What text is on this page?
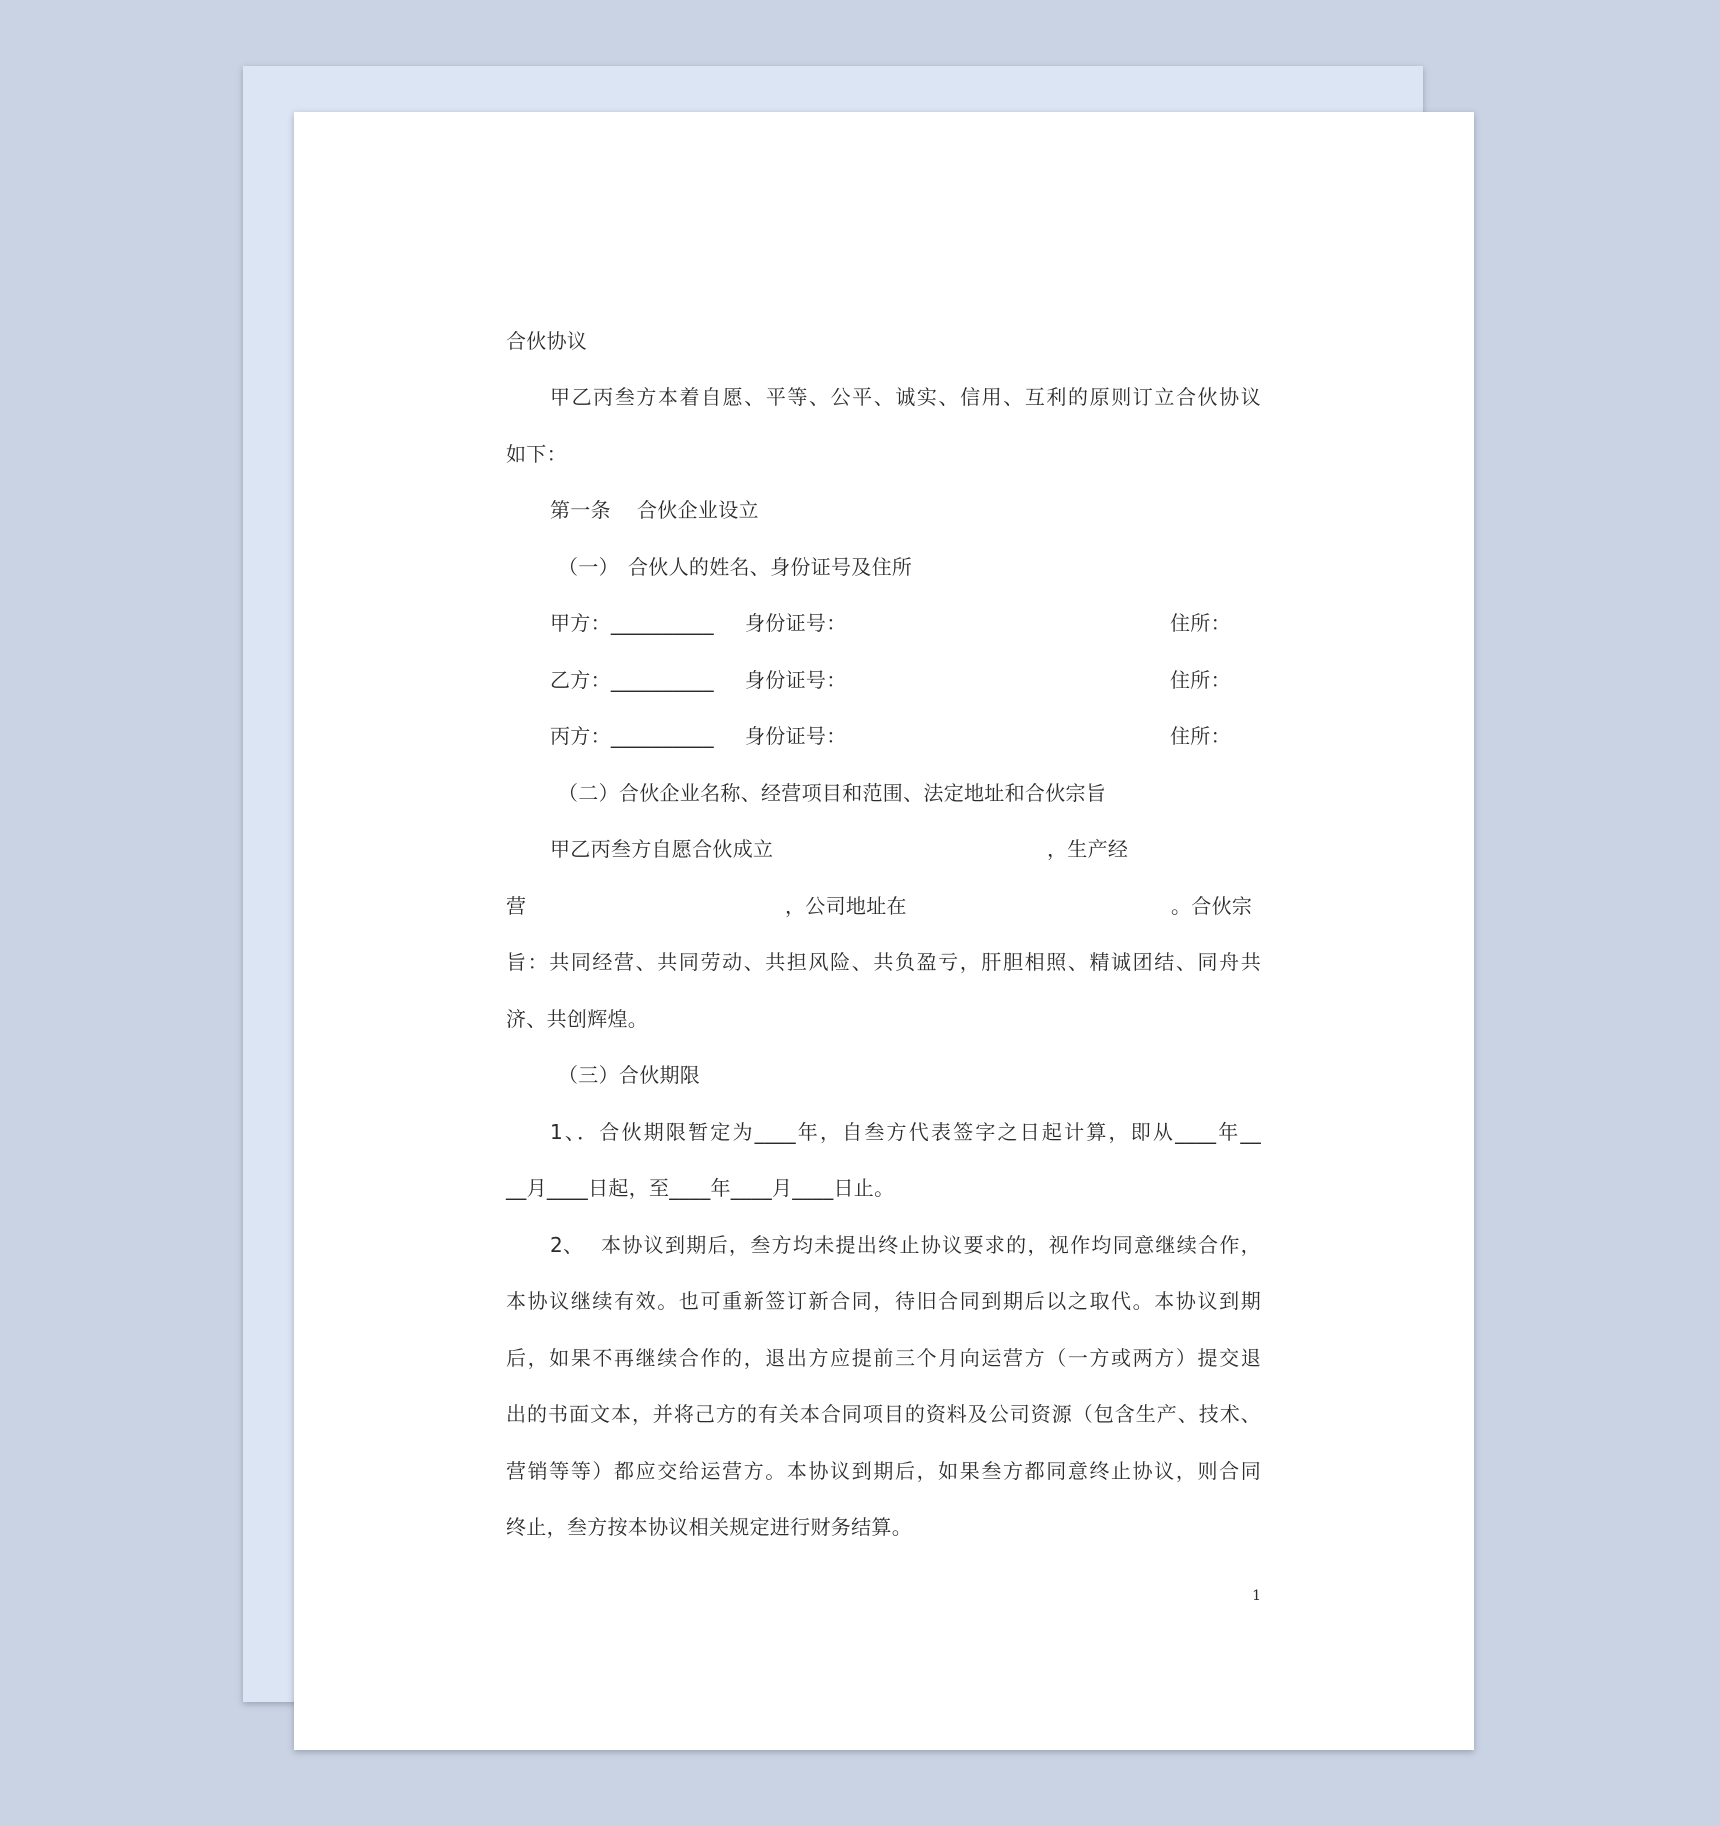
合伙协议
甲乙丙叁方本着自愿、平等、公平、诚实、信用、互利的原则订立合伙协议
如下：
第一条 合伙企业设立
（一） 合伙人的姓名、身份证号及住所
甲方：__________ 身份证号：	住所：
乙方：__________ 身份证号：	住所：
丙方：__________ 身份证号：	住所：
（二）合伙企业名称、经营项目和范围、法定地址和合伙宗旨
甲乙丙叁方自愿合伙成立	，生产经
营	，公司地址在	。合伙宗
旨：共同经营、共同劳动、共担风险、共负盈亏，肝胆相照、精诚团结、同舟共
济、共创辉煌。
（三）合伙期限
1、．合伙期限暂定为____年，自叁方代表签字之日起计算，即从____年__
__月____日起，至____年____月____日止。
2、 本协议到期后，叁方均未提出终止协议要求的，视作均同意继续合作，
本协议继续有效。也可重新签订新合同，待旧合同到期后以之取代。本协议到期
后，如果不再继续合作的，退出方应提前三个月向运营方（一方或两方）提交退
出的书面文本，并将己方的有关本合同项目的资料及公司资源（包含生产、技术、
营销等等）都应交给运营方。本协议到期后，如果叁方都同意终止协议，则合同
终止，叁方按本协议相关规定进行财务结算。
1
